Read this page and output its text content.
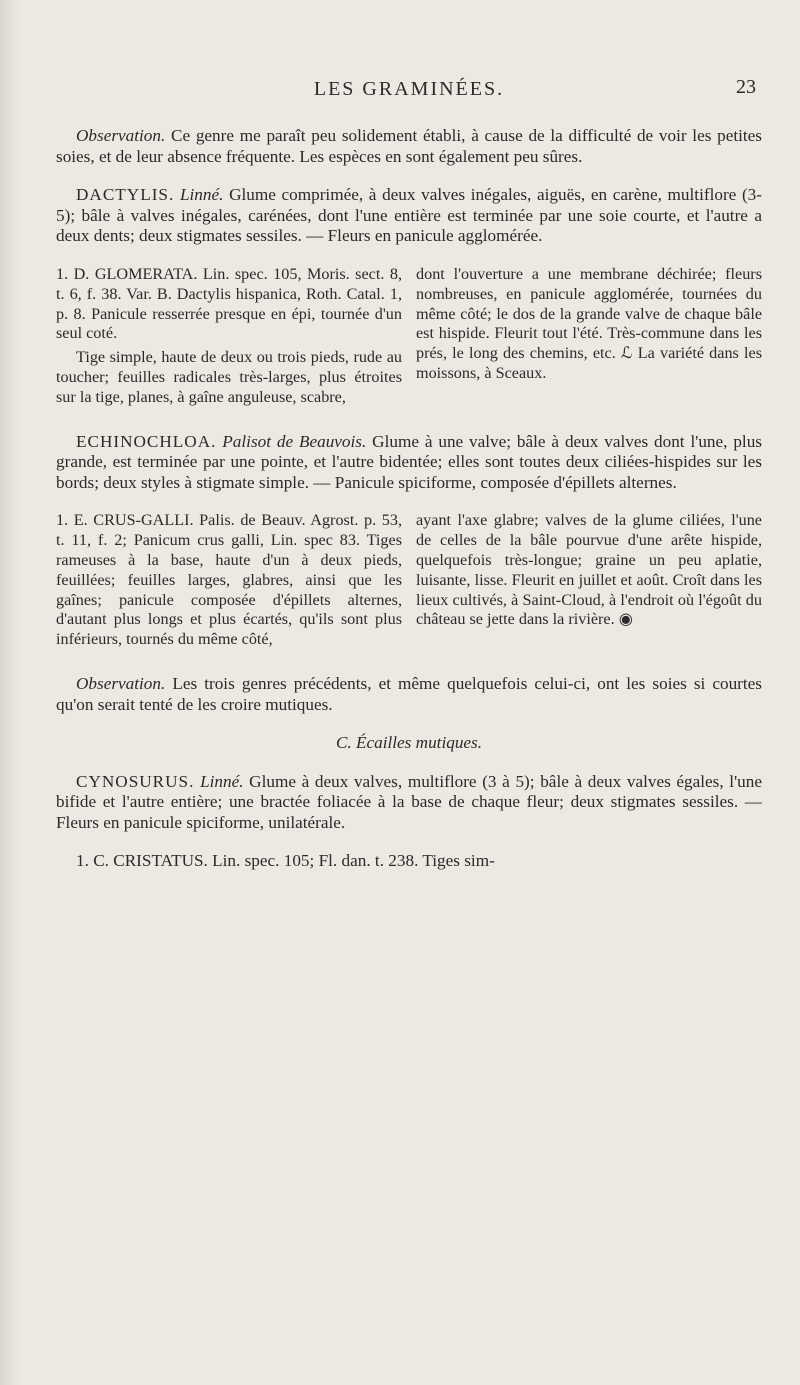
LES GRAMINÉES.	23

Observation. Ce genre me paraît peu solidement établi, à cause de la difficulté de voir les petites soies, et de leur absence fréquente. Les espèces en sont également peu sûres.

DACTYLIS. Linné. Glume comprimée, à deux valves inégales, aiguës, en carène, multiflore (3-5); bâle à valves inégales, carénées, dont l'une entière est terminée par une soie courte, et l'autre a deux dents; deux stigmates sessiles. — Fleurs en panicule agglomérée.

1. D. GLOMERATA. Lin. spec. 105, Moris. sect. 8, t. 6, f. 38. Var. B. Dactylis hispanica, Roth. Catal. 1, p. 8. Panicule resserrée presque en épi, tournée d'un seul coté.

Tige simple, haute de deux ou trois pieds, rude au toucher; feuilles radicales très-larges, plus étroites sur la tige, planes, à gaîne anguleuse, scabre,

dont l'ouverture a une membrane déchirée; fleurs nombreuses, en panicule agglomérée, tournées du même côté; le dos de la grande valve de chaque bâle est hispide. Fleurit tout l'été. Très-commune dans les prés, le long des chemins, etc. ℒ La variété dans les moissons, à Sceaux.

ECHINOCHLOA. Palisot de Beauvois. Glume à une valve; bâle à deux valves dont l'une, plus grande, est terminée par une pointe, et l'autre bidentée; elles sont toutes deux ciliées-hispides sur les bords; deux styles à stigmate simple. — Panicule spiciforme, composée d'épillets alternes.

1. E. CRUS-GALLI. Palis. de Beauv. Agrost. p. 53, t. 11, f. 2; Panicum crus galli, Lin. spec 83. Tiges rameuses à la base, haute d'un à deux pieds, feuillées; feuilles larges, glabres, ainsi que les gaînes; panicule composée d'épillets alternes, d'autant plus longs et plus écartés, qu'ils sont plus inférieurs, tournés du même côté,

ayant l'axe glabre; valves de la glume ciliées, l'une de celles de la bâle pourvue d'une arête hispide, quelquefois très-longue; graine un peu aplatie, luisante, lisse. Fleurit en juillet et août. Croît dans les lieux cultivés, à Saint-Cloud, à l'endroit où l'égoût du château se jette dans la rivière. ◉

Observation. Les trois genres précédents, et même quelquefois celui-ci, ont les soies si courtes qu'on serait tenté de les croire mutiques.

C. Écailles mutiques.

CYNOSURUS. Linné. Glume à deux valves, multiflore (3 à 5); bâle à deux valves égales, l'une bifide et l'autre entière; une bractée foliacée à la base de chaque fleur; deux stigmates sessiles. — Fleurs en panicule spiciforme, unilatérale.

1. C. CRISTATUS. Lin. spec. 105; Fl. dan. t. 238. Tiges sim-
